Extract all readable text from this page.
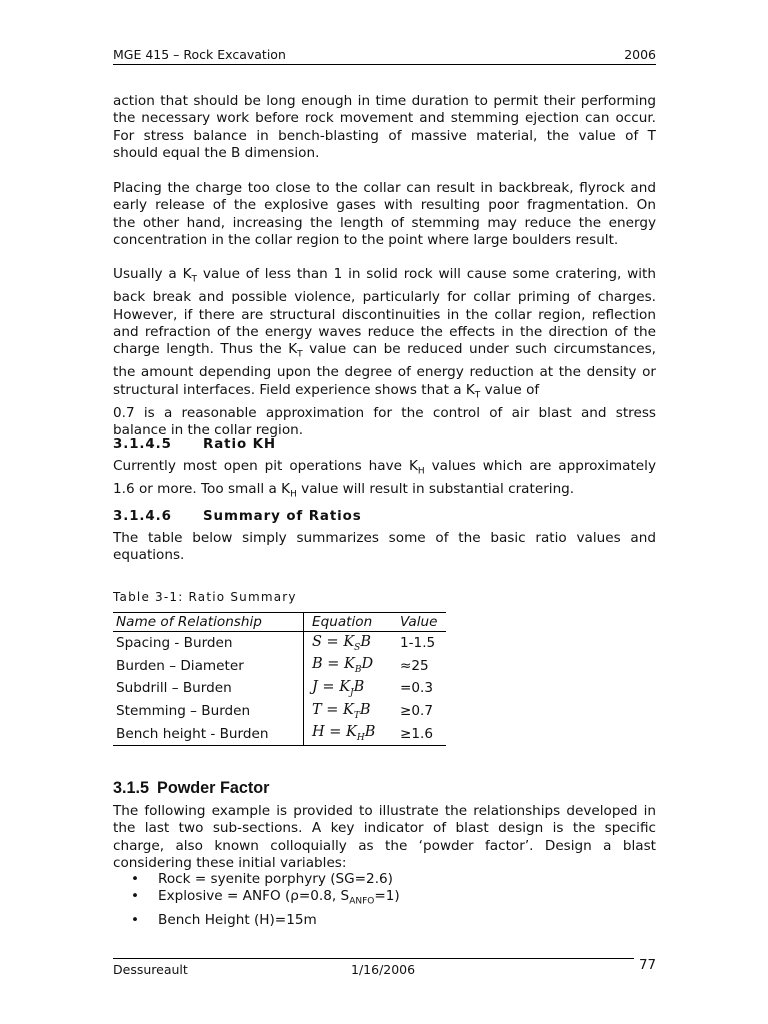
MGE 415 – Rock Excavation	2006

action that should be long enough in time duration to permit their performing
the necessary work before rock movement and stemming ejection can occur.
For stress balance in bench-blasting of massive material, the value of T
should equal the B dimension.

Placing the charge too close to the collar can result in backbreak, flyrock and
early release of the explosive gases with resulting poor fragmentation. On
the other hand, increasing the length of stemming may reduce the energy
concentration in the collar region to the point where large boulders result.

Usually a $K_T$ value of less than 1 in solid rock will cause some cratering, with
back break and possible violence, particularly for collar priming of charges.
However, if there are structural discontinuities in the collar region, reflection
and refraction of the energy waves reduce the effects in the direction of the
charge length. Thus the $K_T$ value can be reduced under such circumstances,
the amount depending upon the degree of energy reduction at the density or
structural interfaces. Field experience shows that a $K_T$ value of
0.7 is a reasonable approximation for the control of air blast and stress
balance in the collar region.

3.1.4.5 Ratio KH

Currently most open pit operations have $K_H$ values which are approximately
1.6 or more. Too small a $K_H$ value will result in substantial cratering.

3.1.4.6 Summary of Ratios

The table below simply summarizes some of the basic ratio values and
equations.

Table 3-1: Ratio Summary
Name of Relationship	Equation	Value
Spacing - Burden	$S = K_SB$	1-1.5
Burden – Diameter	$B = K_BD$	≈25
Subdrill – Burden	$J = K_JB$	=0.3
Stemming – Burden	$T = K_TB$	≥0.7
Bench height - Burden	$H = K_HB$	≥1.6
3.1.5 Powder Factor

The following example is provided to illustrate the relationships developed in
the last two sub-sections. A key indicator of blast design is the specific
charge, also known colloquially as the ‘powder factor’. Design a blast
considering these initial variables:

• Rock = syenite porphyry (SG=2.6)
• Explosive = ANFO (ρ=0.8, $S_{ANFO}=1$)
• Bench Height (H)=15m
Dessureault	1/16/2006	77
